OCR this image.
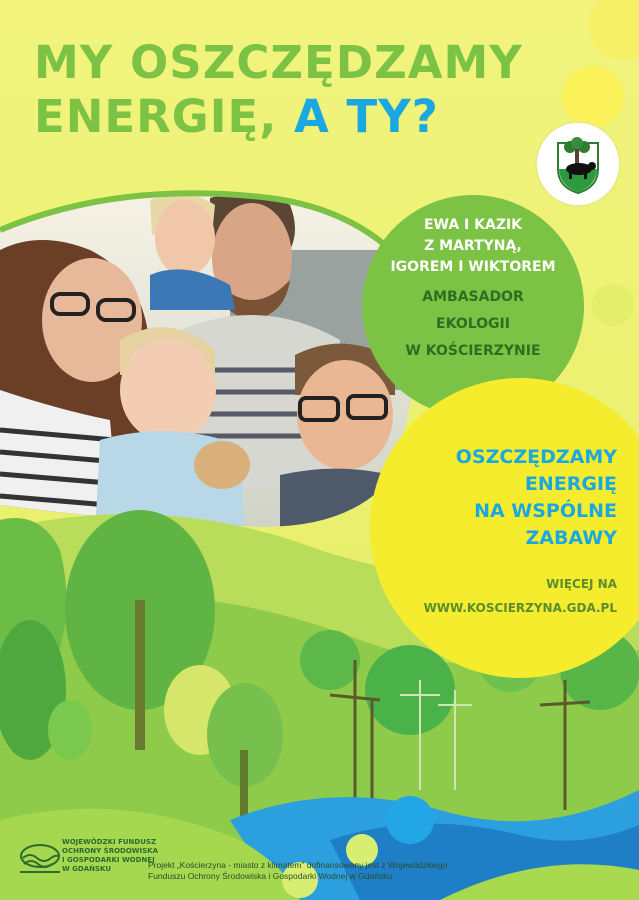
MY OSZCZĘDZAMY
ENERGIĘ, A TY?
EWA I KAZIK
Z MARTYNĄ,
IGOREM I WIKTOREM
AMBASADOR
EKOLOGII
W KOŚCIERZYNIE
OSZCZĘDZAMY
ENERGIĘ
NA WSPÓLNE
ZABAWY
WIĘCEJ NA
WWW.KOSCIERZYNA.GDA.PL
WOJEWÓDZKI FUNDUSZ
OCHRONY ŚRODOWISKA
I GOSPODARKI WODNEJ
W GDAŃSKU	Projekt „Kościerzyna - miasto z klimatem” dofinansowany jest z Wojewódzkiego Funduszu Ochrony Środowiska i Gospodarki Wodnej w Gdańsku.
